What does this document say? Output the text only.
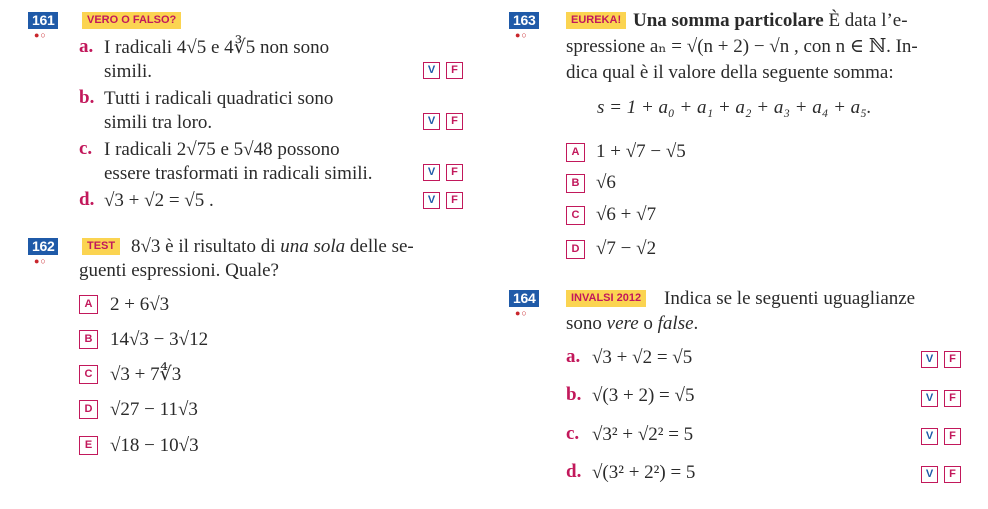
161
●○
VERO O FALSO?
a. I radicali 4√5 e 4∛5 non sono
simili.	V	F
b. Tutti i radicali quadratici sono
simili tra loro.	V	F
c. I radicali 2√75 e 5√48 possono
essere trasformati in radicali simili.	V	F
d. √3 + √2 = √5 .	V	F
162
●○
TEST 8√3 è il risultato di una sola delle se-
guenti espressioni. Quale?
A 2 + 6√3
B 14√3 − 3√12
C √3 + 7∜3
D √27 − 11√3
E √18 − 10√3
163
●○
EUREKA! Una somma particolare È data l’e-
spressione aₙ = √(n + 2) − √n , con n ∈ ℕ. In-
dica qual è il valore della seguente somma:
s = 1 + a₀ + a₁ + a₂ + a₃ + a₄ + a₅.
A 1 + √7 − √5
B √6
C √6 + √7
D √7 − √2
164
●○
INVALSI 2012 Indica se le seguenti uguaglianze
sono vere o false.
a. √3 + √2 = √5	V	F
b. √(3 + 2) = √5	V	F
c. √3² + √2² = 5	V	F
d. √(3² + 2²) = 5	V	F
